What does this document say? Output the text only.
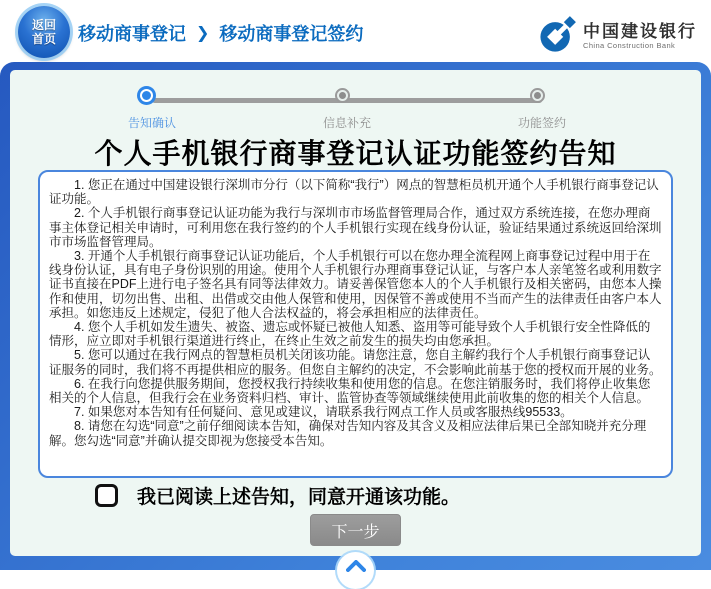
返回
首页 移动商事登记 ❯ 移动商事登记签约	中国建设银行
China Construction Bank
告知确认	信息补充	功能签约
个人手机银行商事登记认证功能签约告知

1. 您正在通过中国建设银行深圳市分行（以下简称“我行”）网点的智慧柜员机开通个人手机银行商事登记认证功能。

2. 个人手机银行商事登记认证功能为我行与深圳市市场监督管理局合作，通过双方系统连接，在您办理商事主体登记相关申请时，可利用您在我行签约的个人手机银行实现在线身份认证，验证结果通过系统返回给深圳市市场监督管理局。

3. 开通个人手机银行商事登记认证功能后，个人手机银行可以在您办理全流程网上商事登记过程中用于在线身份认证，具有电子身份识别的用途。使用个人手机银行办理商事登记认证，与客户本人亲笔签名或利用数字证书直接在PDF上进行电子签名具有同等法律效力。请妥善保管您本人的个人手机银行及相关密码，由您本人操作和使用，切勿出售、出租、出借或交由他人保管和使用，因保管不善或使用不当而产生的法律责任由客户本人承担。如您违反上述规定，侵犯了他人合法权益的，将会承担相应的法律责任。

4. 您个人手机如发生遗失、被盗、遗忘或怀疑已被他人知悉、盗用等可能导致个人手机银行安全性降低的情形，应立即对手机银行渠道进行终止，在终止生效之前发生的损失均由您承担。

5. 您可以通过在我行网点的智慧柜员机关闭该功能。请您注意，您自主解约我行个人手机银行商事登记认证服务的同时，我们将不再提供相应的服务。但您自主解约的决定，不会影响此前基于您的授权而开展的业务。

6. 在我行向您提供服务期间，您授权我行持续收集和使用您的信息。在您注销服务时，我们将停止收集您相关的个人信息，但我行会在业务资料归档、审计、监管协查等领域继续使用此前收集的您的相关个人信息。

7. 如果您对本告知有任何疑问、意见或建议，请联系我行网点工作人员或客服热线95533。

8. 请您在勾选“同意”之前仔细阅读本告知，确保对告知内容及其含义及相应法律后果已全部知晓并充分理解。您勾选“同意”并确认提交即视为您接受本告知。

我已阅读上述告知，同意开通该功能。
下一步
